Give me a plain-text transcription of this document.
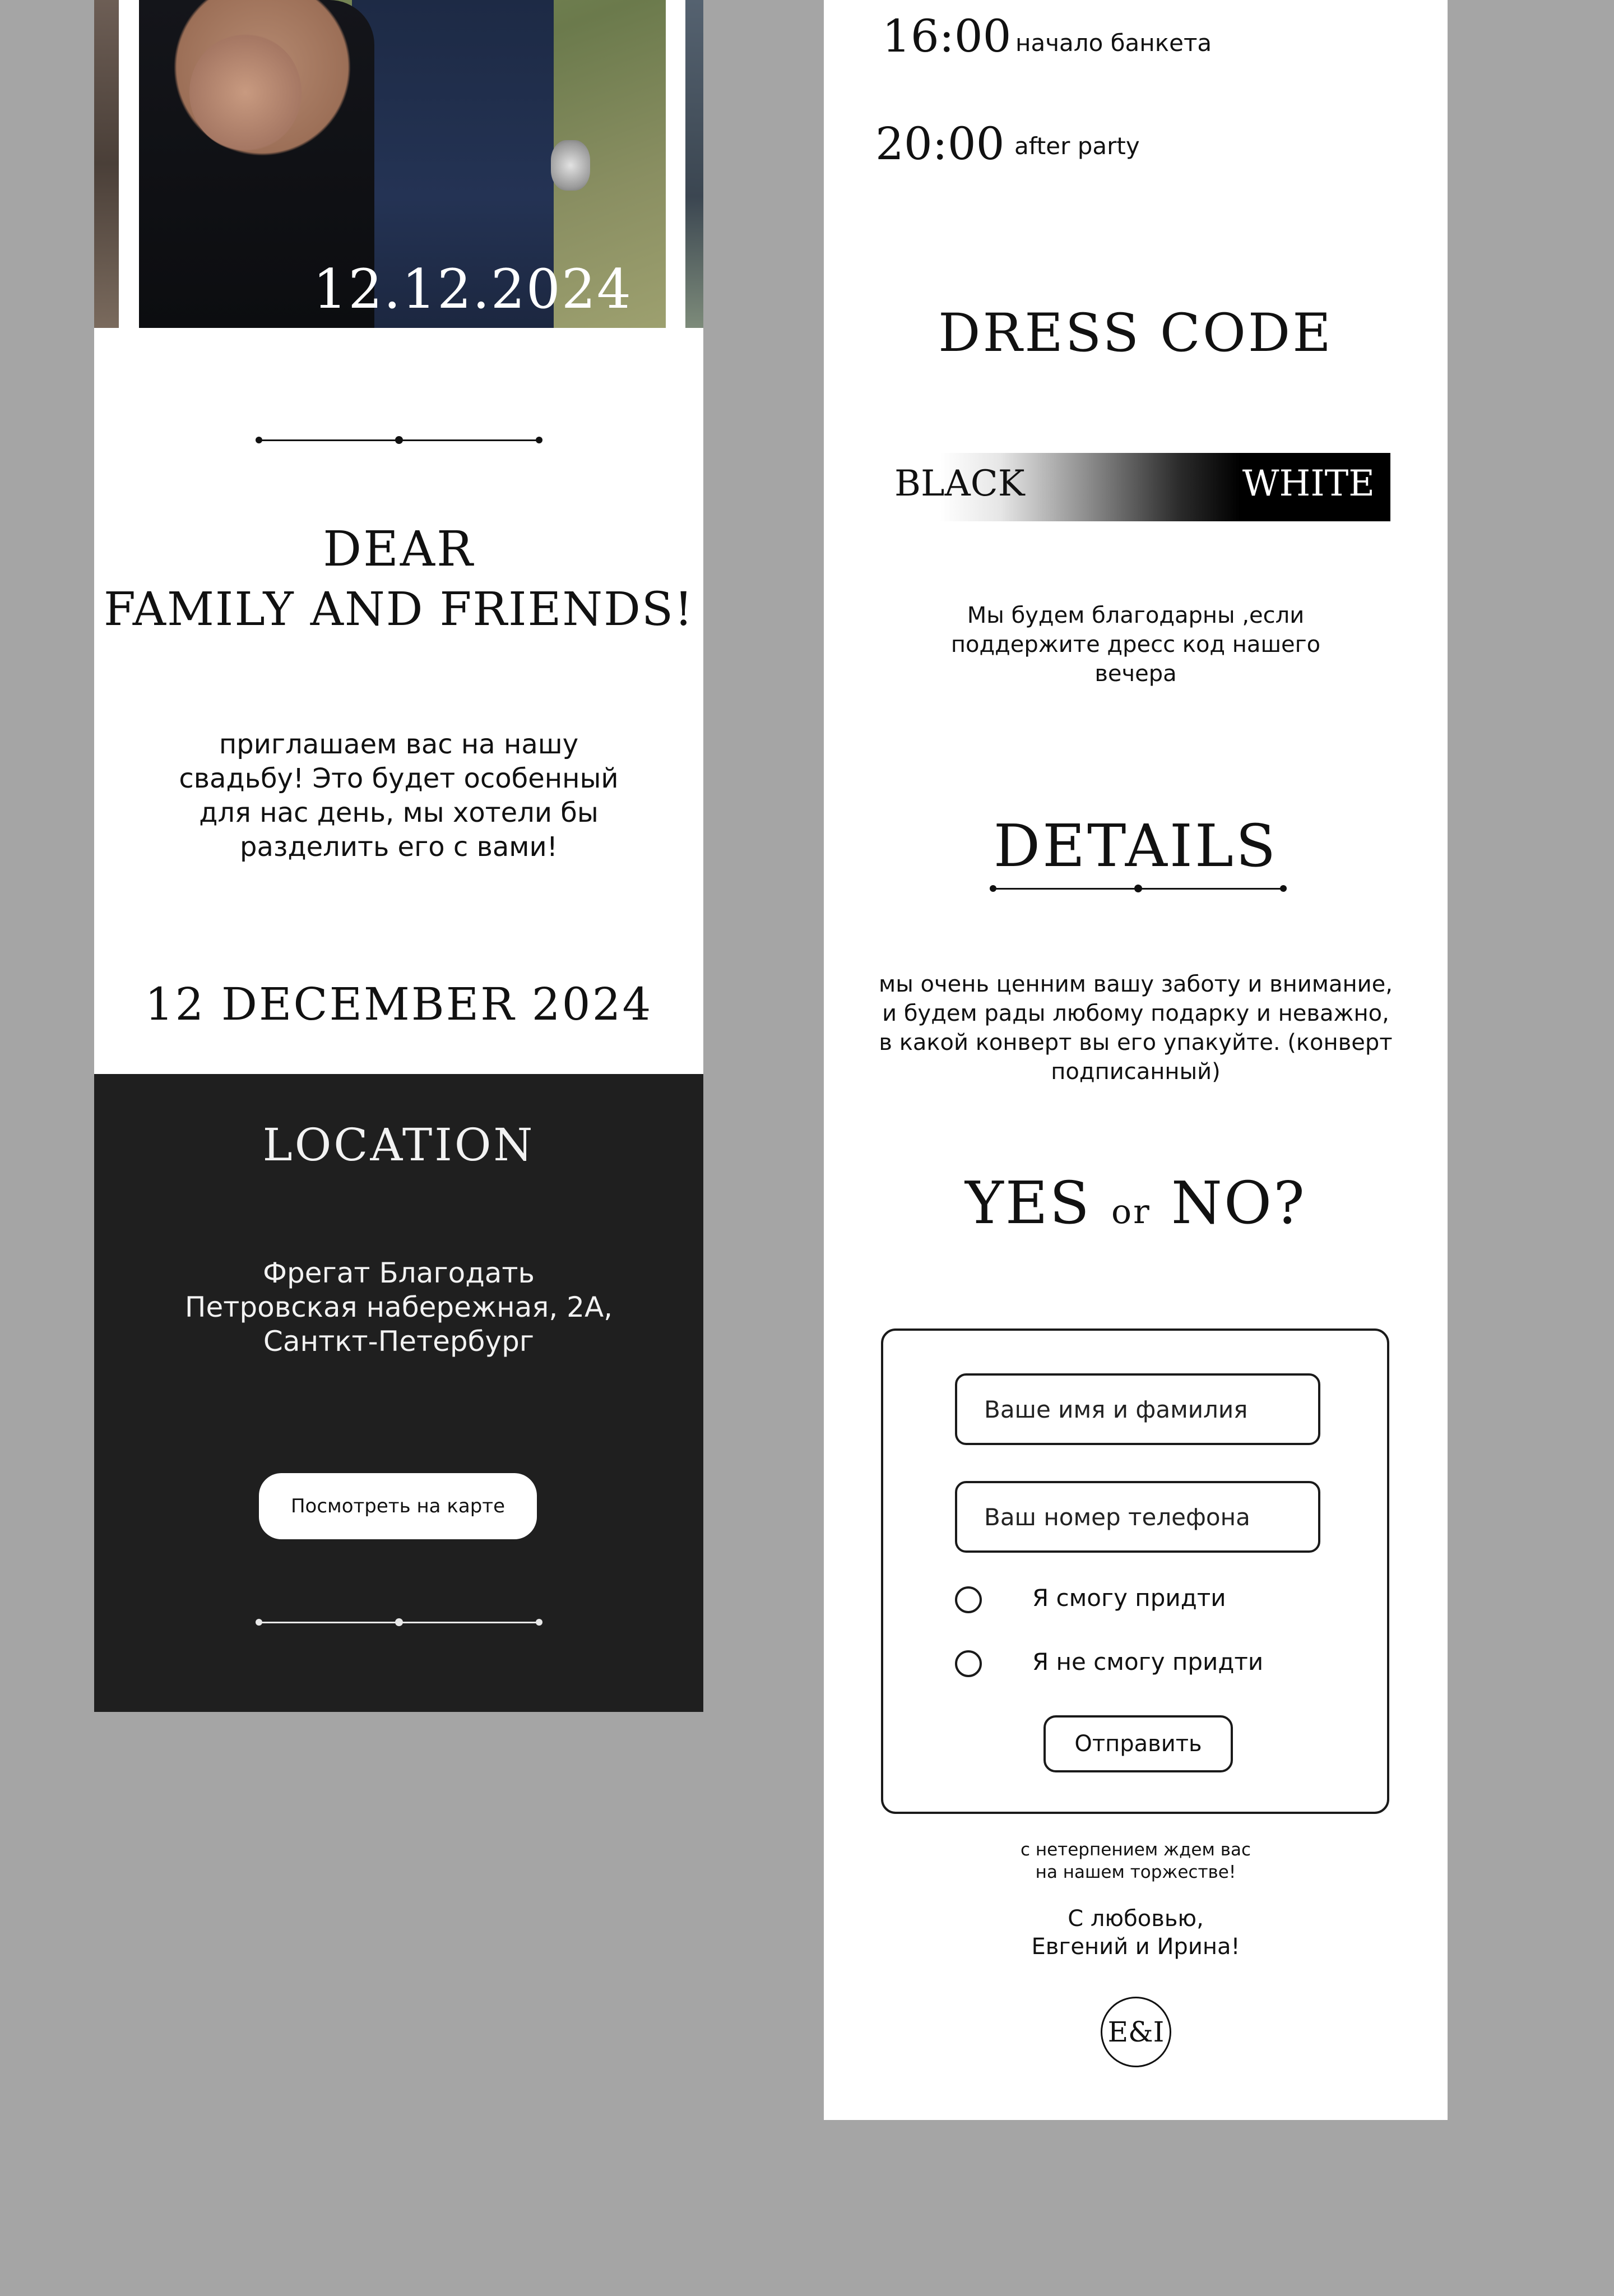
12.12.2024
DEAR
FAMILY AND FRIENDS!
приглашаем вас на нашу свадьбу! Это будет особенный для нас день, мы хотели бы разделить его с вами!
12 DECEMBER 2024
LOCATION
Фрегат Благодать
Петровская набережная, 2А,
Сантк​т-Петербург
Посмотреть на карте
16:00 начало банкета
20:00 after party
DRESS CODE
BLACK	WHITE
Мы будем благодарны ,если поддержите дресс код нашего вечера
DETAILS
мы очень ценним вашу заботу и внимание, и будем рады любому подарку и неважно, в какой конверт вы его упакуйте. (конверт подписанный)
YES or NO?
Ваше имя и фамилия
Ваш номер телефона
Я смогу придти
Я не смогу придти
Отправить
с нетерпением ждем вас
на нашем торжестве!
С любовью,
Евгений и Ирина!
E&I
